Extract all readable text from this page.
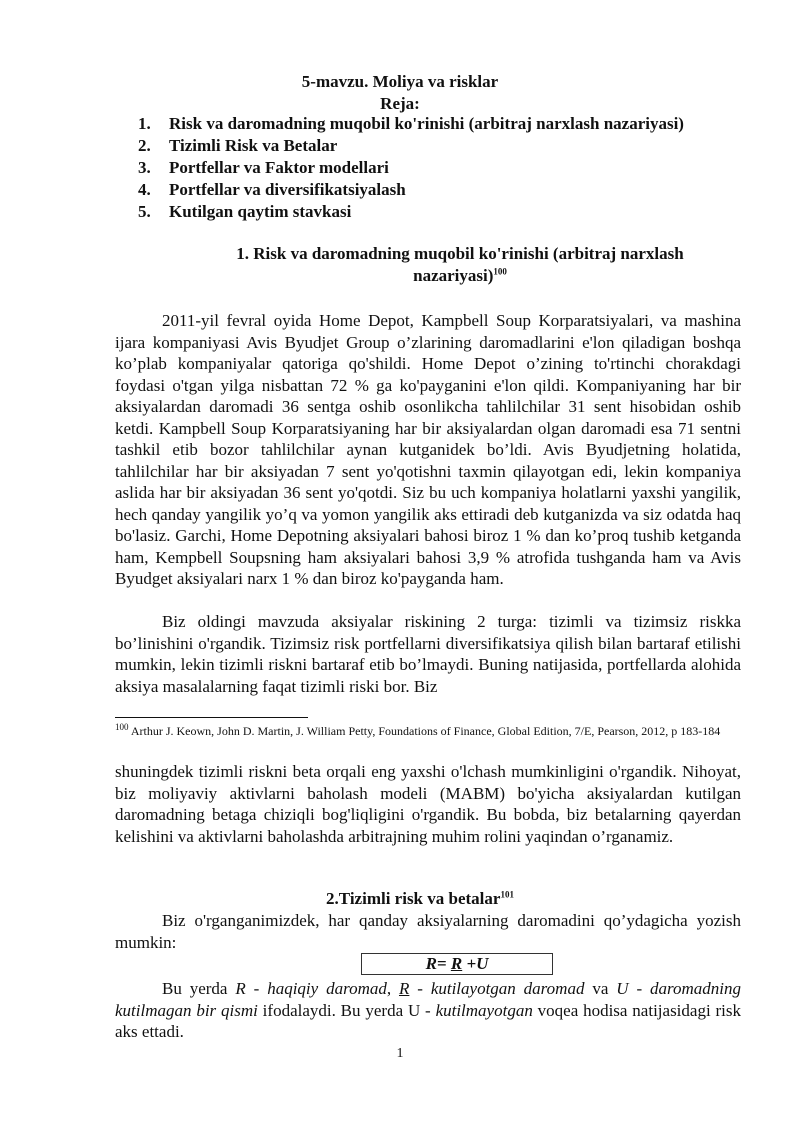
5-mavzu. Moliya va risklar
Reja:
1. Risk va daromadning muqobil ko'rinishi (arbitraj narxlash nazariyasi)
2. Tizimli Risk va Betalar
3. Portfellar va Faktor modellari
4. Portfellar va diversifikatsiyalash
5. Kutilgan qaytim stavkasi
1. Risk va daromadning muqobil ko'rinishi (arbitraj narxlash
nazariyasi)$^{100}$

2011-yil fevral oyida Home Depot, Kampbell Soup Korparatsiyalari, va mashina ijara kompaniyasi Avis Byudjet Group o’zlarining daromadlarini e'lon qiladigan boshqa ko’plab kompaniyalar qatoriga qo'shildi. Home Depot o’zining to'rtinchi chorakdagi foydasi o'tgan yilga nisbattan 72 % ga ko'payganini e'lon qildi. Kompaniyaning har bir aksiyalardan daromadi 36 sentga oshib osonlikcha tahlilchilar 31 sent hisobidan oshib ketdi. Kampbell Soup Korparatsiyaning har bir aksiyalardan olgan daromadi esa 71 sentni tashkil etib bozor tahlilchilar aynan kutganidek bo’ldi. Avis Byudjetning holatida, tahlilchilar har bir aksiyadan 7 sent yo'qotishni taxmin qilayotgan edi, lekin kompaniya aslida har bir aksiyadan 36 sent yo'qotdi. Siz bu uch kompaniya holatlarni yaxshi yangilik, hech qanday yangilik yo’q va yomon yangilik aks ettiradi deb kutganizda va siz odatda haq bo'lasiz. Garchi, Home Depotning aksiyalari bahosi biroz 1 % dan ko’proq tushib ketganda ham, Kempbell Soupsning ham aksiyalari bahosi 3,9 % atrofida tushganda ham va Avis Byudget aksiyalari narx 1 % dan biroz ko'payganda ham.

Biz oldingi mavzuda aksiyalar riskining 2 turga: tizimli va tizimsiz riskka bo’linishini o'rgandik. Tizimsiz risk portfellarni diversifikatsiya qilish bilan bartaraf etilishi mumkin, lekin tizimli riskni bartaraf etib bo’lmaydi. Buning natijasida, portfellarda alohida aksiya masalalarning faqat tizimli riski bor. Biz

$^{100}$ Arthur J. Keown, John D. Martin, J. William Petty, Foundations of Finance, Global Edition, 7/E, Pearson, 2012, p 183-184

shuningdek tizimli riskni beta orqali eng yaxshi o'lchash mumkinligini o'rgandik. Nihoyat, biz moliyaviy aktivlarni baholash modeli (MABM) bo'yicha aksiyalardan kutilgan daromadning betaga chiziqli bog'liqligini o'rgandik. Bu bobda, biz betalarning qayerdan kelishini va aktivlarni baholashda arbitrajning muhim rolini yaqindan o’rganamiz.

2.Tizimli risk va betalar$^{101}$

Biz o'rganganimizdek, har qanday aksiyalarning daromadini qo’ydagicha yozish mumkin:

R= R +U

Bu yerda R - haqiqiy daromad, R - kutilayotgan daromad va U - daromadning kutilmagan bir qismi ifodalaydi. Bu yerda U - kutilmayotgan voqea hodisa natijasidagi risk aks ettadi.

1
